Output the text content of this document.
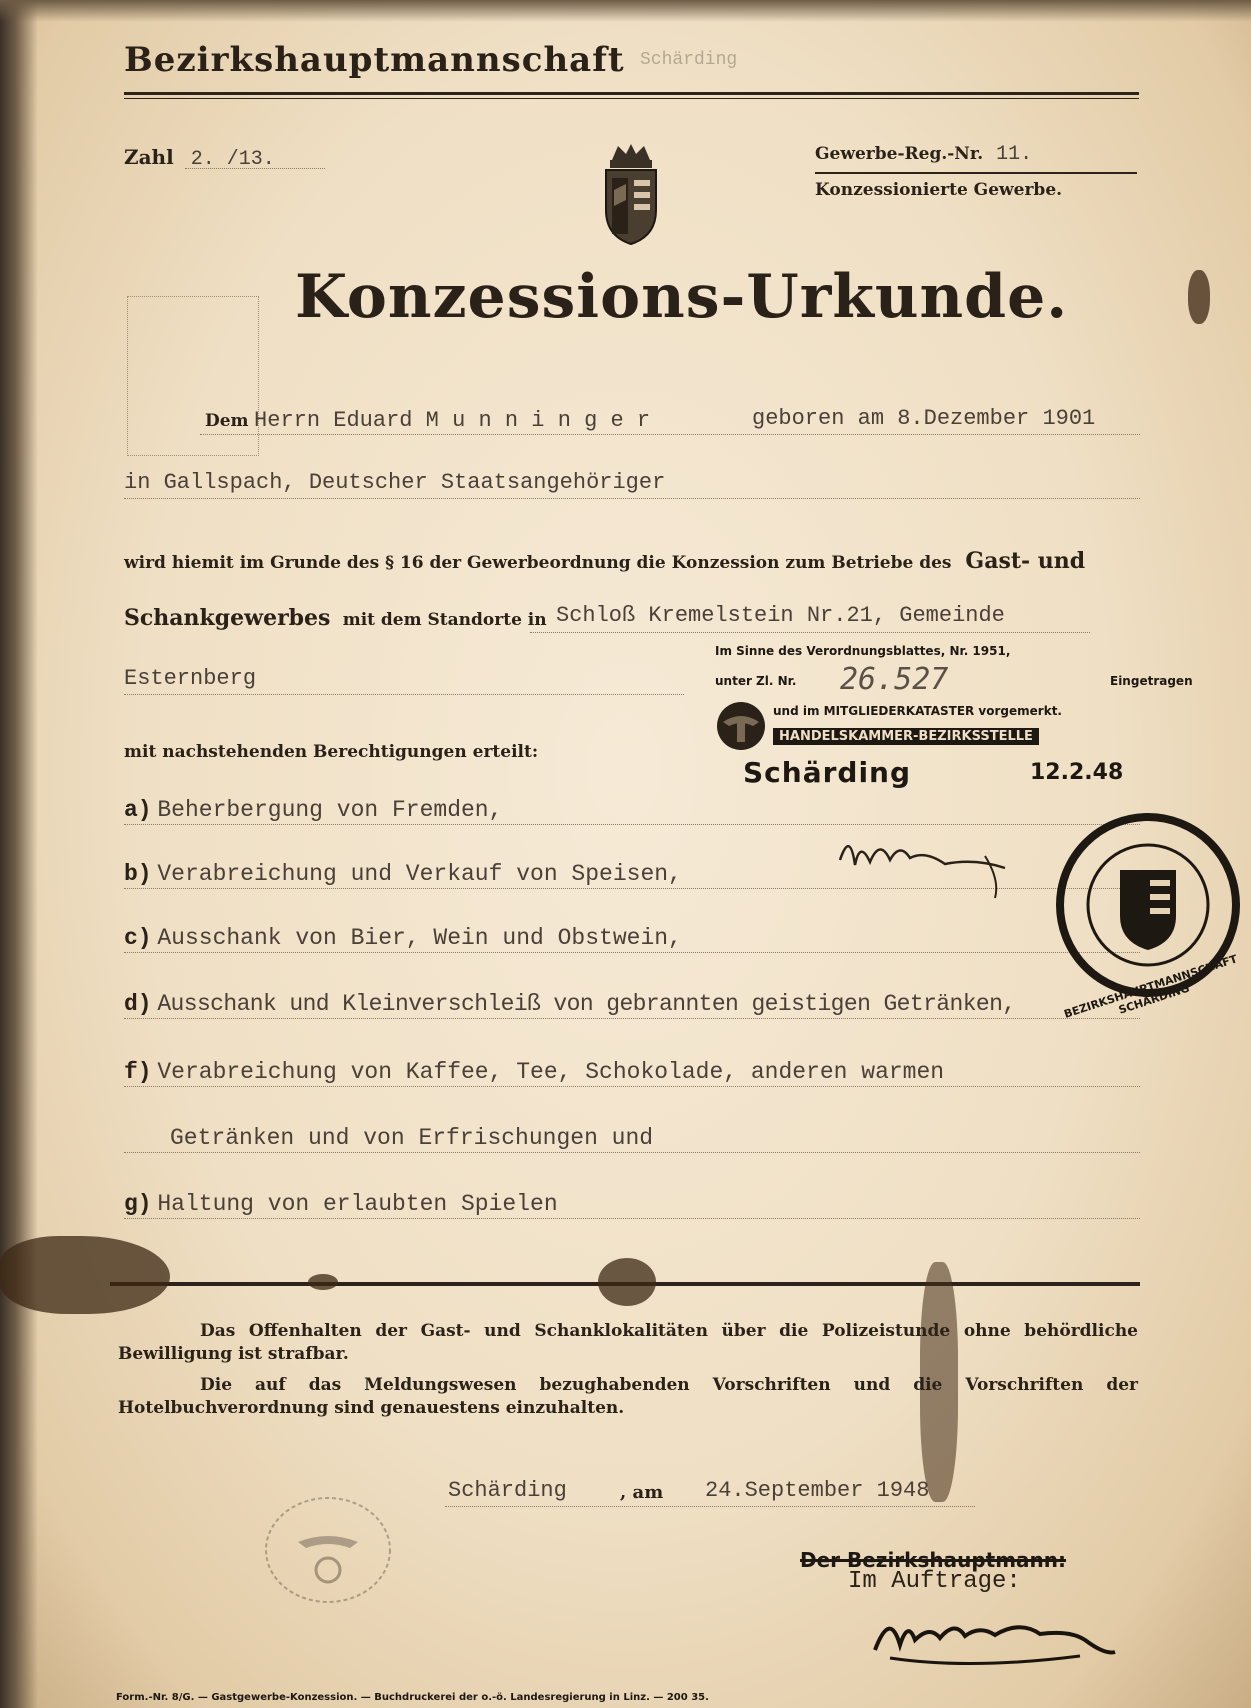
Bezirkshauptmannschaft Schärding
Zahl 2. /13.	Gewerbe-Reg.-Nr. 11.
Konzessionierte Gewerbe.
Konzessions-Urkunde.
Dem Herrn Eduard M u n n i n g e r	geboren am 8.Dezember 1901
in Gallspach, Deutscher Staatsangehöriger
wird hiemit im Grunde des § 16 der Gewerbeordnung die Konzession zum Betriebe des Gast- und
Schankgewerbes mit dem Standorte in Schloß Kremelstein Nr.21, Gemeinde
Esternberg
mit nachstehenden Berechtigungen erteilt:
a) Beherbergung von Fremden,
b) Verabreichung und Verkauf von Speisen,
c) Ausschank von Bier, Wein und Obstwein,
d) Ausschank und Kleinverschleiß von gebrannten geistigen Getränken,
f) Verabreichung von Kaffee, Tee, Schokolade, anderen warmen
Getränken und von Erfrischungen und
g) Haltung von erlaubten Spielen
Im Sinne des Verordnungsblattes, Nr. 1951,
unter Zl. Nr. 26.527	Eingetragen
und im MITGLIEDERKATASTER vorgemerkt.
HANDELSKAMMER-BEZIRKSSTELLE
Schärding	12.2.48
BEZIRKSHAUPTMANNSCHAFT SCHÄRDING
Das Offenhalten der Gast- und Schanklokalitäten über die Polizeistunde ohne behördliche Bewilligung ist strafbar.
Die auf das Meldungswesen bezughabenden Vorschriften und die Vorschriften der Hotelbuchverordnung sind genauestens einzuhalten.
Schärding	, am 24.September 1948
Der Bezirkshauptmann:
Im Auftrage:
Form.-Nr. 8/G. — Gastgewerbe-Konzession. — Buchdruckerei der o.-ö. Landesregierung in Linz. — 200 35.
